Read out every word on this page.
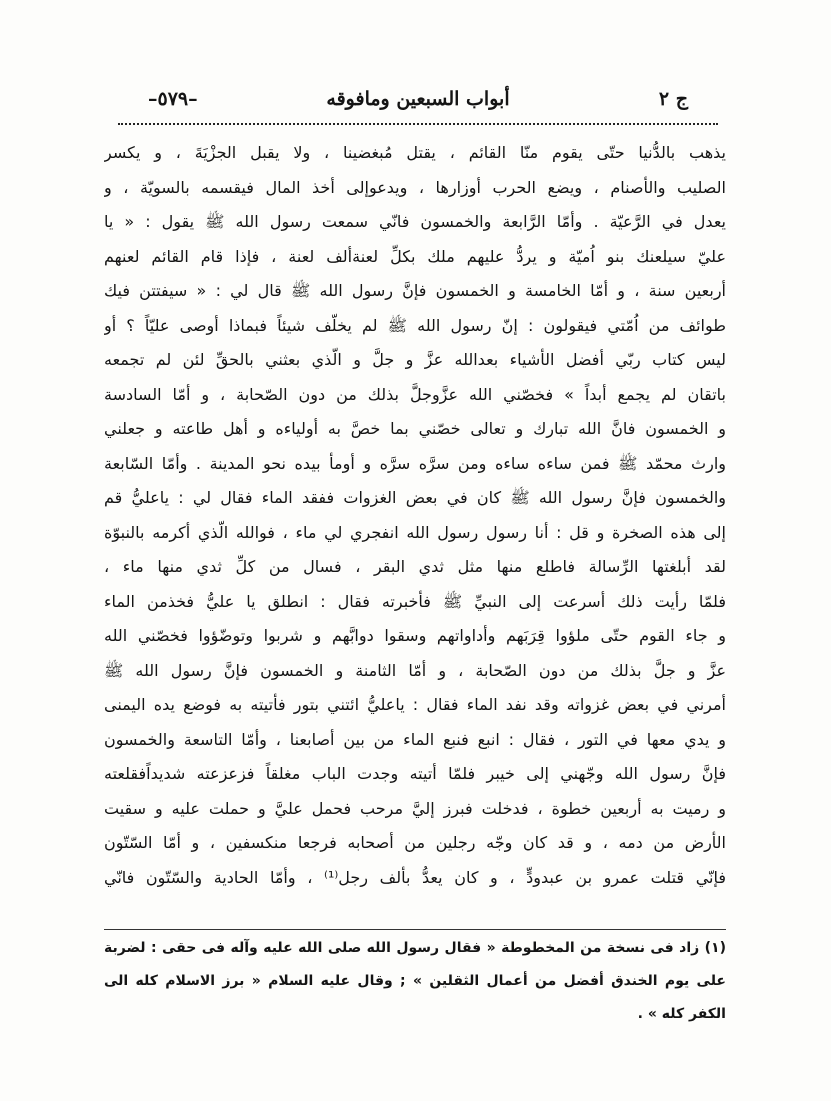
ج ٢
أبواب السبعين ومافوقه
–٥٧٩–
يذهب بالدُّنيا حتّى يقوم منّا القائم ، يقتل مُبغضينا ، ولا يقبل الجزْيَةَ ، و يكسر
الصليب والأصنام ، ويضع الحرب أوزارها ، ويدعوإلى أخذ المال فيقسمه بالسويّة ، و
يعدل في الرَّعيّة . وأمّا الرَّابعة والخمسون فانّي سمعت رسول الله ﷺ يقول : « يا
عليّ سيلعنك بنو اُميّة و يردُّ عليهم ملك بكلِّ لعنةألف لعنة ، فإذا قام القائم لعنهم
أربعين سنة ، و أمّا الخامسة و الخمسون فإنَّ رسول الله ﷺ قال لي : « سيفتتن فيك
طوائف من اُمّتي فيقولون : إنّ رسول الله ﷺ لم يخلّف شيئاً فبماذا أوصى عليّاً ؟ أو
ليس كتاب ربّي أفضل الأشياء بعدالله عزَّ و جلَّ و الّذي بعثني بالحقِّ لئن لم تجمعه
باتقان لم يجمع أبداً » فخصّني الله عزَّوجلَّ بذلك من دون الصّحابة ، و أمّا السادسة
و الخمسون فانَّ الله تبارك و تعالى خصّني بما خصَّ به أولياءه و أهل طاعته و جعلني
وارث محمّد ﷺ فمن ساءه ساءه ومن سرَّه سرَّه و أومأ بيده نحو المدينة . وأمّا السّابعة
والخمسون فإنَّ رسول الله ﷺ كان في بعض الغزوات ففقد الماء فقال لي : ياعليُّ قم
إلى هذه الصخرة و قل : أنا رسول رسول الله انفجري لي ماء ، فوالله الّذي أكرمه بالنبوّة
لقد أبلغتها الرِّسالة فاطلع منها مثل ثدي البقر ، فسال من كلِّ ثدي منها ماء ،
فلمّا رأيت ذلك أسرعت إلى النبيِّ ﷺ فأخبرته فقال : انطلق يا عليُّ فخذمن الماء
و جاء القوم حتّى ملؤوا قِرَبَهم وأداواتهم وسقوا دوابَّهم و شربوا وتوضّؤوا فخصّني الله
عزَّ و جلَّ بذلك من دون الصّحابة ، و أمّا الثامنة و الخمسون فإنَّ رسول الله ﷺ
أمرني في بعض غزواته وقد نفد الماء فقال : ياعليُّ ائتني بتور فأتيته به فوضع يده اليمنى
و يدي معها في التور ، فقال : انبع فنبع الماء من بين أصابعنا ، وأمّا التاسعة والخمسون
فإنَّ رسول الله وجّهني إلى خيبر فلمّا أتيته وجدت الباب مغلقاً فزعزعته شديداًفقلعته
و رميت به أربعين خطوة ، فدخلت فبرز إليَّ مرحب فحمل عليَّ و حملت عليه و سقيت
الأرض من دمه ، و قد كان وجّه رجلين من أصحابه فرجعا منكسفين ، و أمّا السّتّون
فإنّي قتلت عمرو بن عبدودٍّ ، و كان يعدُّ بألف رجل⁽¹⁾ ، وأمّا الحادية والسّتّون فانّي
(١) زاد فى نسخة من المخطوطة « فقال رسول الله صلى الله عليه وآله فى حقى : لضربة
على يوم الخندق أفضل من أعمال الثقلين » ; وقال عليه السلام « برز الاسلام كله الى
الكفر كله » .
